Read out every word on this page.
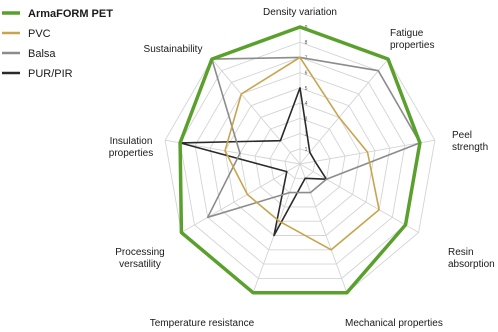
1
2
3
4
5
6
7
8
9
Density variation
Fatigue
properties
Peel
strength
Resin
absorption
Mechanical properties
Temperature resistance
Processing
versatility
Insulation
properties
Sustainability
ArmaFORM PET
PVC
Balsa
PUR/PIR
